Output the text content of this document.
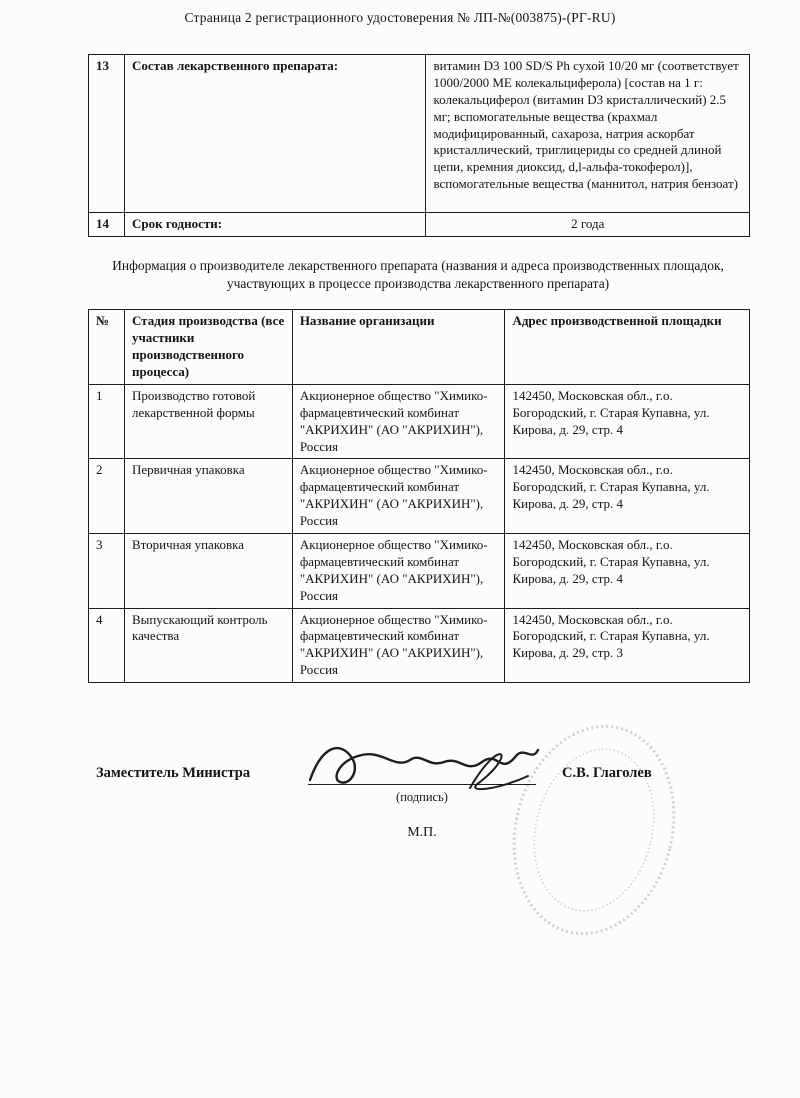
Страница 2 регистрационного удостоверения № ЛП-№(003875)-(РГ-RU)
13	Состав лекарственного препарата:	витамин D3 100 SD/S Ph сухой 10/20 мг (соответствует 1000/2000 МЕ колекальциферола) [состав на 1 г: колекальциферол (витамин D3 кристаллический) 2.5 мг; вспомогательные вещества (крахмал модифицированный, сахароза, натрия аскорбат кристаллический, триглицериды со средней длиной цепи, кремния диоксид, d,l-альфа-токоферол)], вспомогательные вещества (маннитол, натрия бензоат)
14	Срок годности:	2 года
Информация о производителе лекарственного препарата (названия и адреса производственных площадок, участвующих в процессе производства лекарственного препарата)
№	Стадия производства (все участники производственного процесса)	Название организации	Адрес производственной площадки
1	Производство готовой лекарственной формы	Акционерное общество "Химико-фармацевтический комбинат "АКРИХИН" (АО "АКРИХИН"), Россия	142450, Московская обл., г.о. Богородский, г. Старая Купавна, ул. Кирова, д. 29, стр. 4
2	Первичная упаковка	Акционерное общество "Химико-фармацевтический комбинат "АКРИХИН" (АО "АКРИХИН"), Россия	142450, Московская обл., г.о. Богородский, г. Старая Купавна, ул. Кирова, д. 29, стр. 4
3	Вторичная упаковка	Акционерное общество "Химико-фармацевтический комбинат "АКРИХИН" (АО "АКРИХИН"), Россия	142450, Московская обл., г.о. Богородский, г. Старая Купавна, ул. Кирова, д. 29, стр. 4
4	Выпускающий контроль качества	Акционерное общество "Химико-фармацевтический комбинат "АКРИХИН" (АО "АКРИХИН"), Россия	142450, Московская обл., г.о. Богородский, г. Старая Купавна, ул. Кирова, д. 29, стр. 3
Заместитель Министра	С.В. Глаголев
(подпись)
М.П.
